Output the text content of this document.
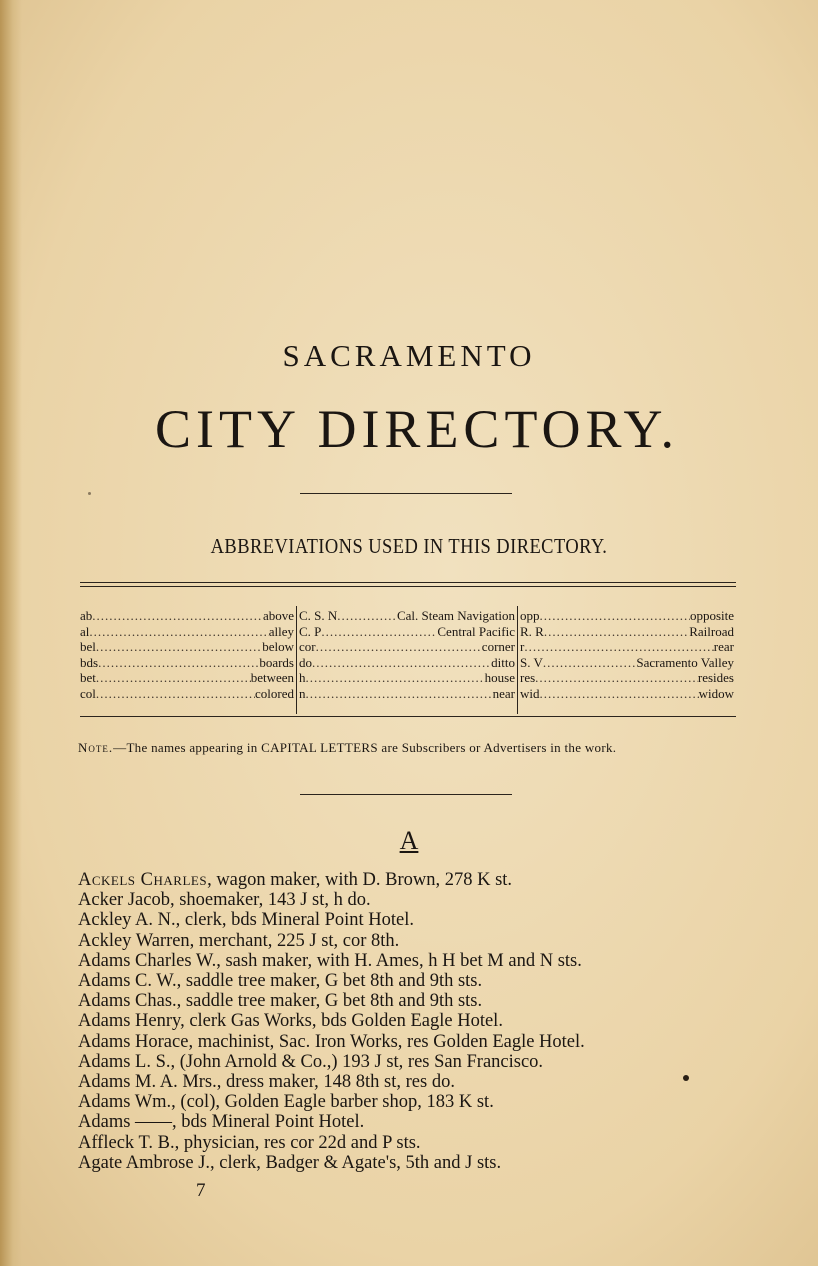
SACRAMENTO
CITY DIRECTORY.
ABBREVIATIONS USED IN THIS DIRECTORY.
ab .....	above
al .....	alley
bel .....	below
bds .....	boards
bet .....	between
col .....	colored
C. S. N .....	Cal. Steam Navigation
C. P .....	Central Pacific
cor .....	corner
do .....	ditto
h .....	house
n .....	near
opp .....	opposite
R. R .....	Railroad
r .....	rear
S. V .....	Sacramento Valley
res .....	resides
wid .....	widow

Note.—The names appearing in CAPITAL LETTERS are Subscribers or Advertisers in the work.

A
Ackels Charles, wagon maker, with D. Brown, 278 K st.
Acker Jacob, shoemaker, 143 J st, h do.
Ackley A. N., clerk, bds Mineral Point Hotel.
Ackley Warren, merchant, 225 J st, cor 8th.
Adams Charles W., sash maker, with H. Ames, h H bet M and N sts.
Adams C. W., saddle tree maker, G bet 8th and 9th sts.
Adams Chas., saddle tree maker, G bet 8th and 9th sts.
Adams Henry, clerk Gas Works, bds Golden Eagle Hotel.
Adams Horace, machinist, Sac. Iron Works, res Golden Eagle Hotel.
Adams L. S., (John Arnold & Co.,) 193 J st, res San Francisco.
Adams M. A. Mrs., dress maker, 148 8th st, res do.
Adams Wm., (col), Golden Eagle barber shop, 183 K st.
Adams ——, bds Mineral Point Hotel.
Affleck T. B., physician, res cor 22d and P sts.
Agate Ambrose J., clerk, Badger & Agate's, 5th and J sts.

7
